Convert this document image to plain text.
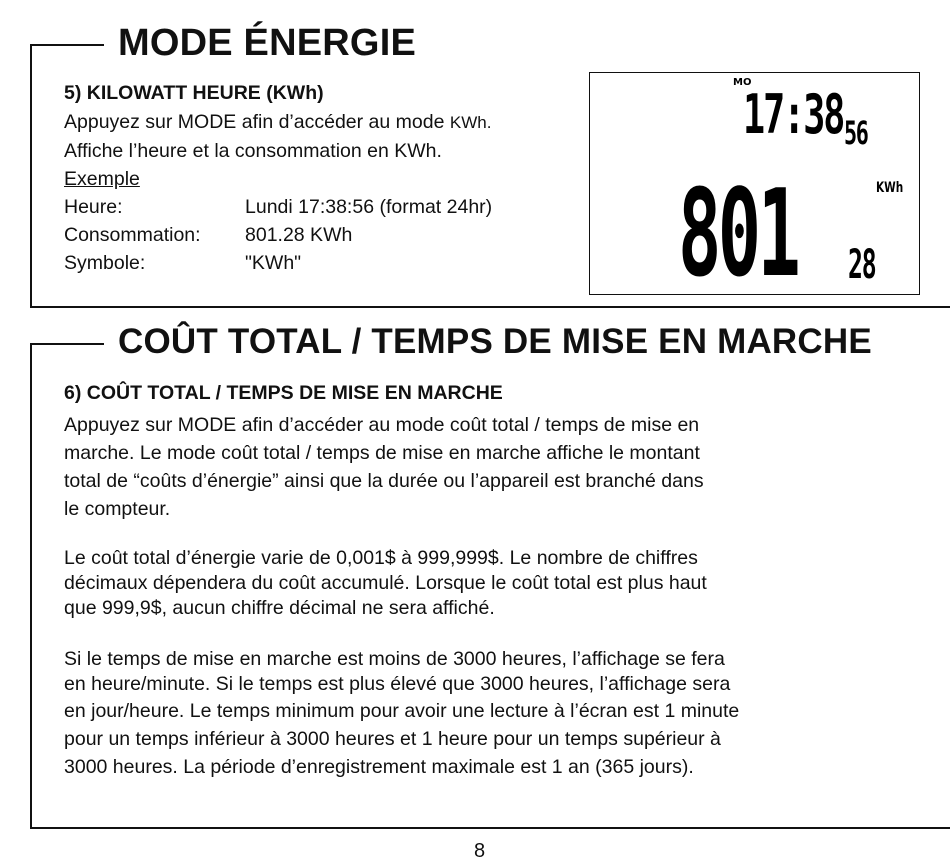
MODE ÉNERGIE
5) KILOWATT HEURE (KWh)

Appuyez sur MODE afin d’accéder au mode KWh.

Affiche l’heure et la consommation en KWh.

Exemple

Heure:	Lundi 17:38:56 (format 24hr)
Consommation:	801.28 KWh
Symbole:	"KWh"

MO

17:38 56

801 28

KWh

COÛT TOTAL / TEMPS DE MISE EN MARCHE
6) COÛT TOTAL / TEMPS DE MISE EN MARCHE

Appuyez sur MODE afin d’accéder au mode coût total / temps de mise en

marche. Le mode coût total / temps de mise en marche affiche le montant

total de “coûts d’énergie” ainsi que la durée ou l’appareil est branché dans

le compteur.

Le coût total d’énergie varie de 0,001$ à 999,999$. Le nombre de chiffres

décimaux dépendera du coût accumulé. Lorsque le coût total est plus haut

que 999,9$, aucun chiffre décimal ne sera affiché.

Si le temps de mise en marche est moins de 3000 heures, l’affichage se fera

en heure/minute. Si le temps est plus élevé que 3000 heures, l’affichage sera

en jour/heure. Le temps minimum pour avoir une lecture à l’écran est 1 minute

pour un temps inférieur à 3000 heures et 1 heure pour un temps supérieur à

3000 heures. La période d’enregistrement maximale est 1 an (365 jours).

8
